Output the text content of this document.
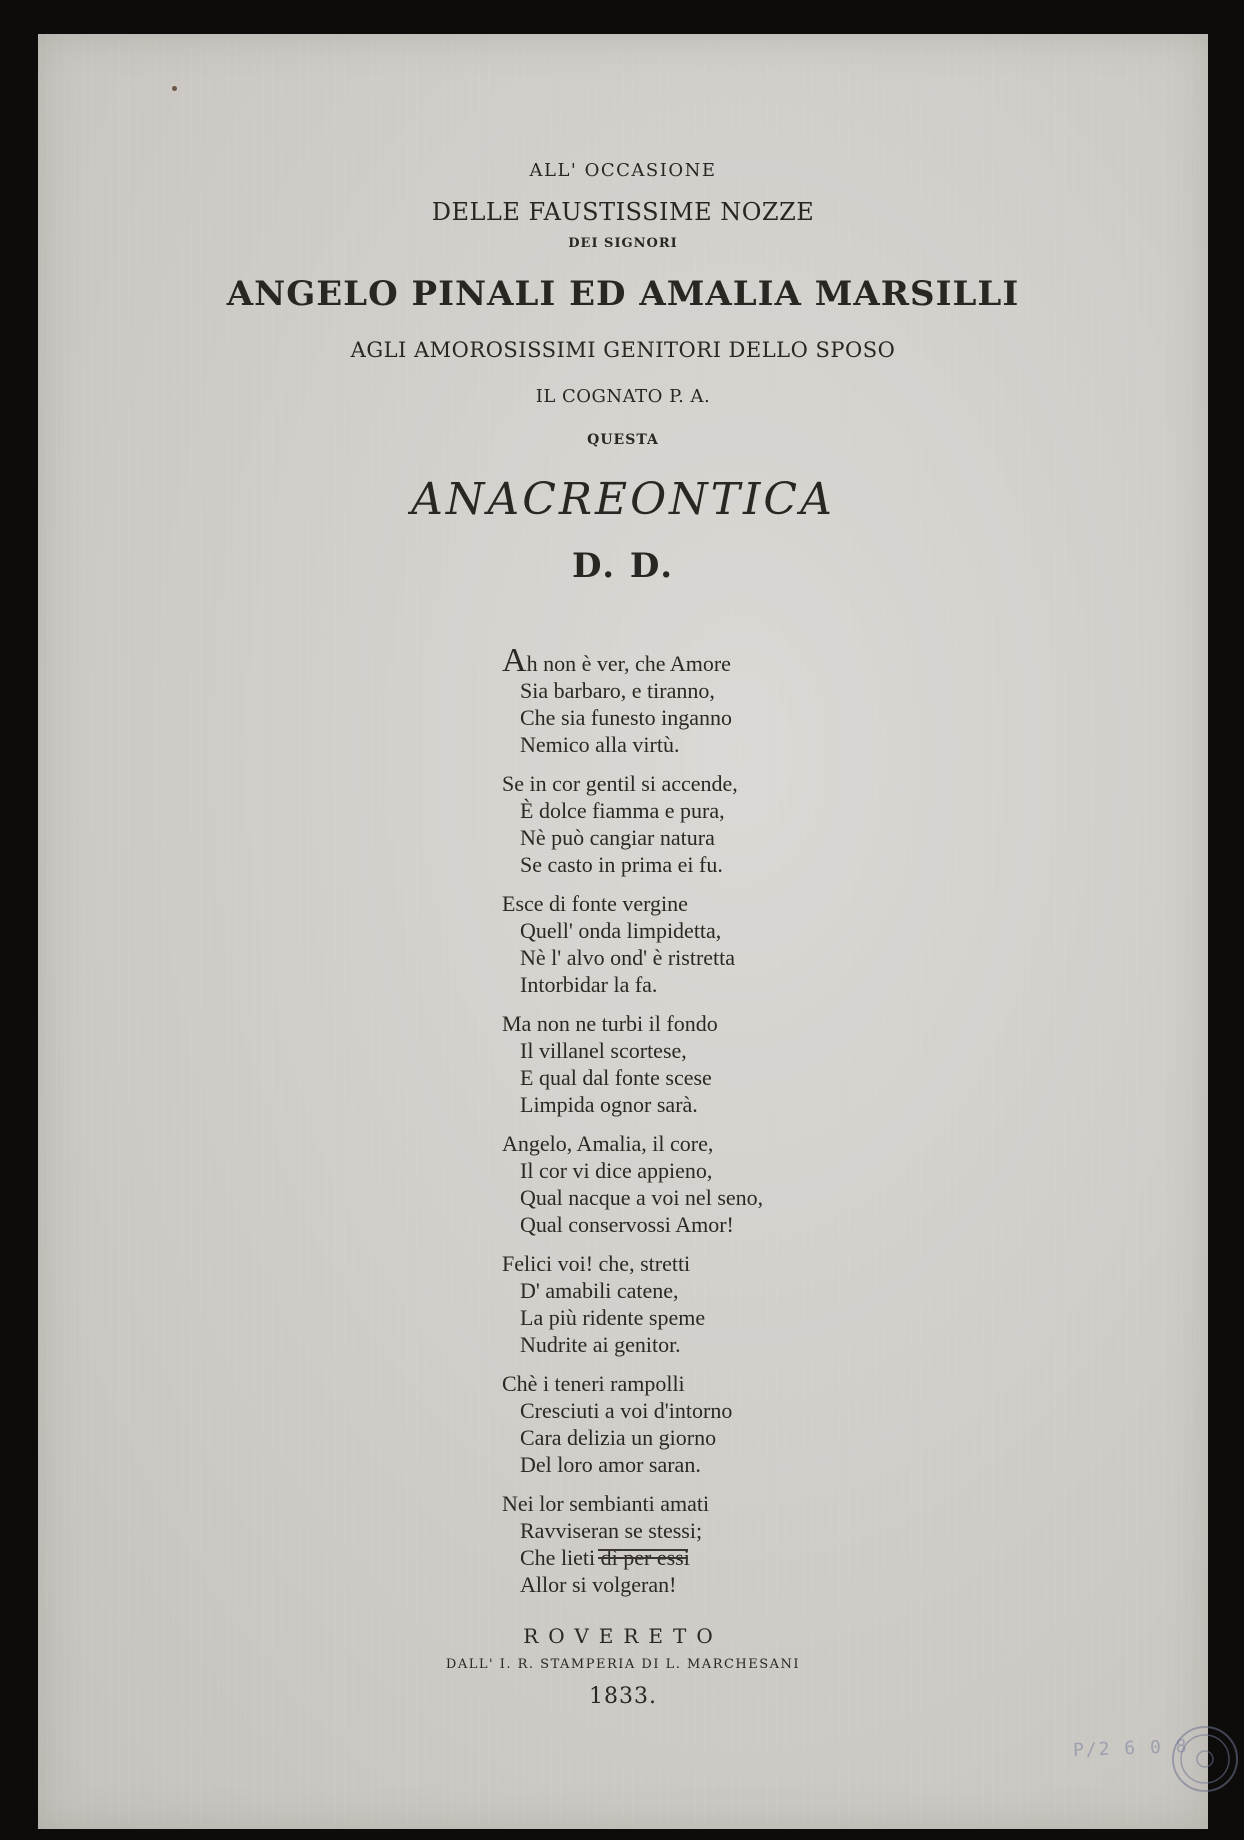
ALL' OCCASIONE
DELLE FAUSTISSIME NOZZE
DEI SIGNORI
ANGELO PINALI ED AMALIA MARSILLI
AGLI AMOROSISSIMI GENITORI DELLO SPOSO
IL COGNATO P. A.
QUESTA
ANACREONTICA
D. D.
Ah non è ver, che Amore
Sia barbaro, e tiranno,
Che sia funesto inganno
Nemico alla virtù.
Se in cor gentil si accende,
È dolce fiamma e pura,
Nè può cangiar natura
Se casto in prima ei fu.
Esce di fonte vergine
Quell' onda limpidetta,
Nè l' alvo ond' è ristretta
Intorbidar la fa.
Ma non ne turbi il fondo
Il villanel scortese,
E qual dal fonte scese
Limpida ognor sarà.
Angelo, Amalia, il core,
Il cor vi dice appieno,
Qual nacque a voi nel seno,
Qual conservossi Amor!
Felici voi! che, stretti
D' amabili catene,
La più ridente speme
Nudrite ai genitor.
Chè i teneri rampolli
Cresciuti a voi d'intorno
Cara delizia un giorno
Del loro amor saran.
Nei lor sembianti amati
Ravviseran se stessi;
Che lieti dì per essi
Allor si volgeran!
ROVERETO
DALL' I. R. STAMPERIA DI L. MARCHESANI
1833.
P/2 6 0 8
